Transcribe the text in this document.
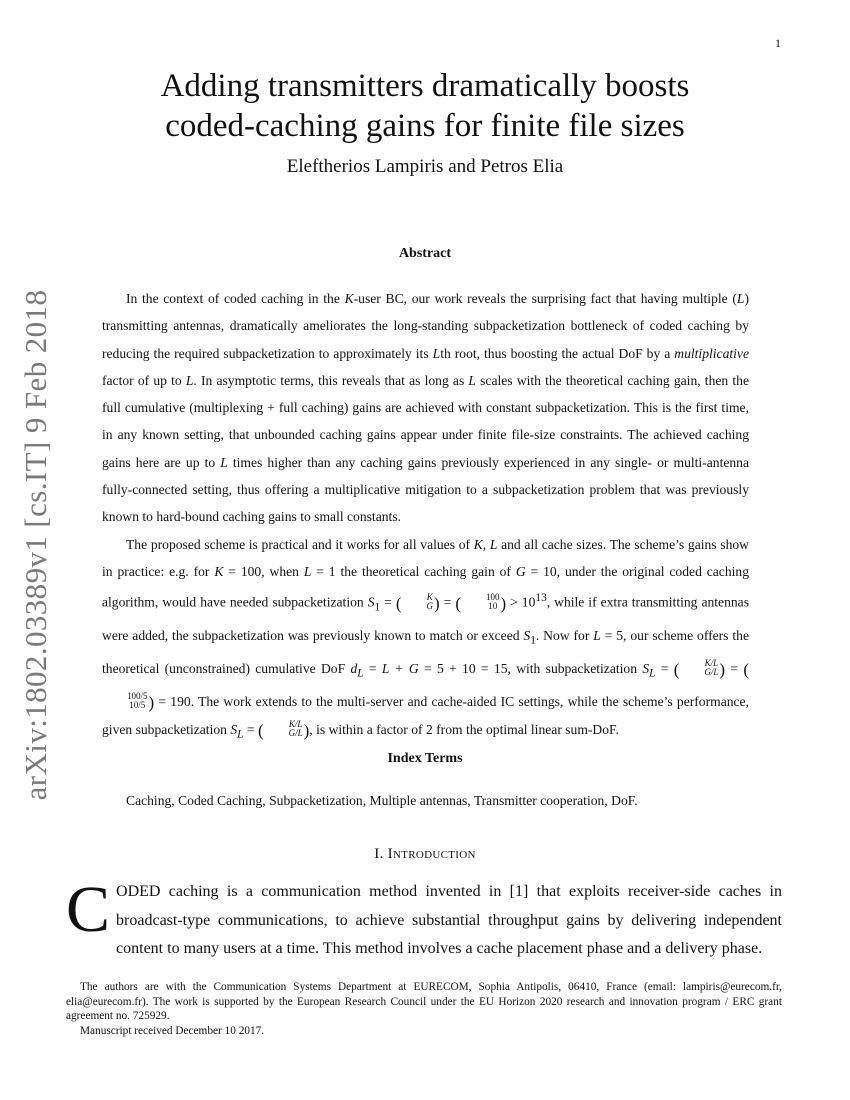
1
arXiv:1802.03389v1 [cs.IT] 9 Feb 2018
Adding transmitters dramatically boosts
coded-caching gains for finite file sizes
Eleftherios Lampiris and Petros Elia
Abstract

In the context of coded caching in the K-user BC, our work reveals the surprising fact that having multiple (L) transmitting antennas, dramatically ameliorates the long-standing subpacketization bottleneck of coded caching by reducing the required subpacketization to approximately its Lth root, thus boosting the actual DoF by a multiplicative factor of up to L. In asymptotic terms, this reveals that as long as L scales with the theoretical caching gain, then the full cumulative (multiplexing + full caching) gains are achieved with constant subpacketization. This is the first time, in any known setting, that unbounded caching gains appear under finite file-size constraints. The achieved caching gains here are up to L times higher than any caching gains previously experienced in any single- or multi-antenna fully-connected setting, thus offering a multiplicative mitigation to a subpacketization problem that was previously known to hard-bound caching gains to small constants.

The proposed scheme is practical and it works for all values of K, L and all cache sizes. The scheme’s gains show in practice: e.g. for K = 100, when L = 1 the theoretical caching gain of G = 10, under the original coded caching algorithm, would have needed subpacketization $S_1$ = (	K
G ) = (	100
10 ) > $10^{13}$, while if extra transmitting antennas were added, the subpacketization was previously known to match or exceed $S_1$. Now for L = 5, our scheme offers the theoretical (unconstrained) cumulative DoF $d_L = L + G = 5 + 10 = 15$, with subpacketization $S_L$ = (	K/L
G/L ) = (
100/5
10/5 ) = 190. The work extends to the multi-server and cache-aided IC settings, while the scheme’s performance, given subpacketization $S_L$ = (	K/L
G/L ), is within a factor of 2 from the optimal linear sum-DoF.

Index Terms
Caching, Coded Caching, Subpacketization, Multiple antennas, Transmitter cooperation, DoF.
I. Introduction

CODED caching is a communication method invented in [1] that exploits receiver-side caches in broadcast-type communications, to achieve substantial throughput gains by delivering independent content to many users at a time. This method involves a cache placement phase and a delivery phase.

The authors are with the Communication Systems Department at EURECOM, Sophia Antipolis, 06410, France (email: lampiris@eurecom.fr, elia@eurecom.fr). The work is supported by the European Research Council under the EU Horizon 2020 research and innovation program / ERC grant agreement no. 725929.

Manuscript received December 10 2017.
